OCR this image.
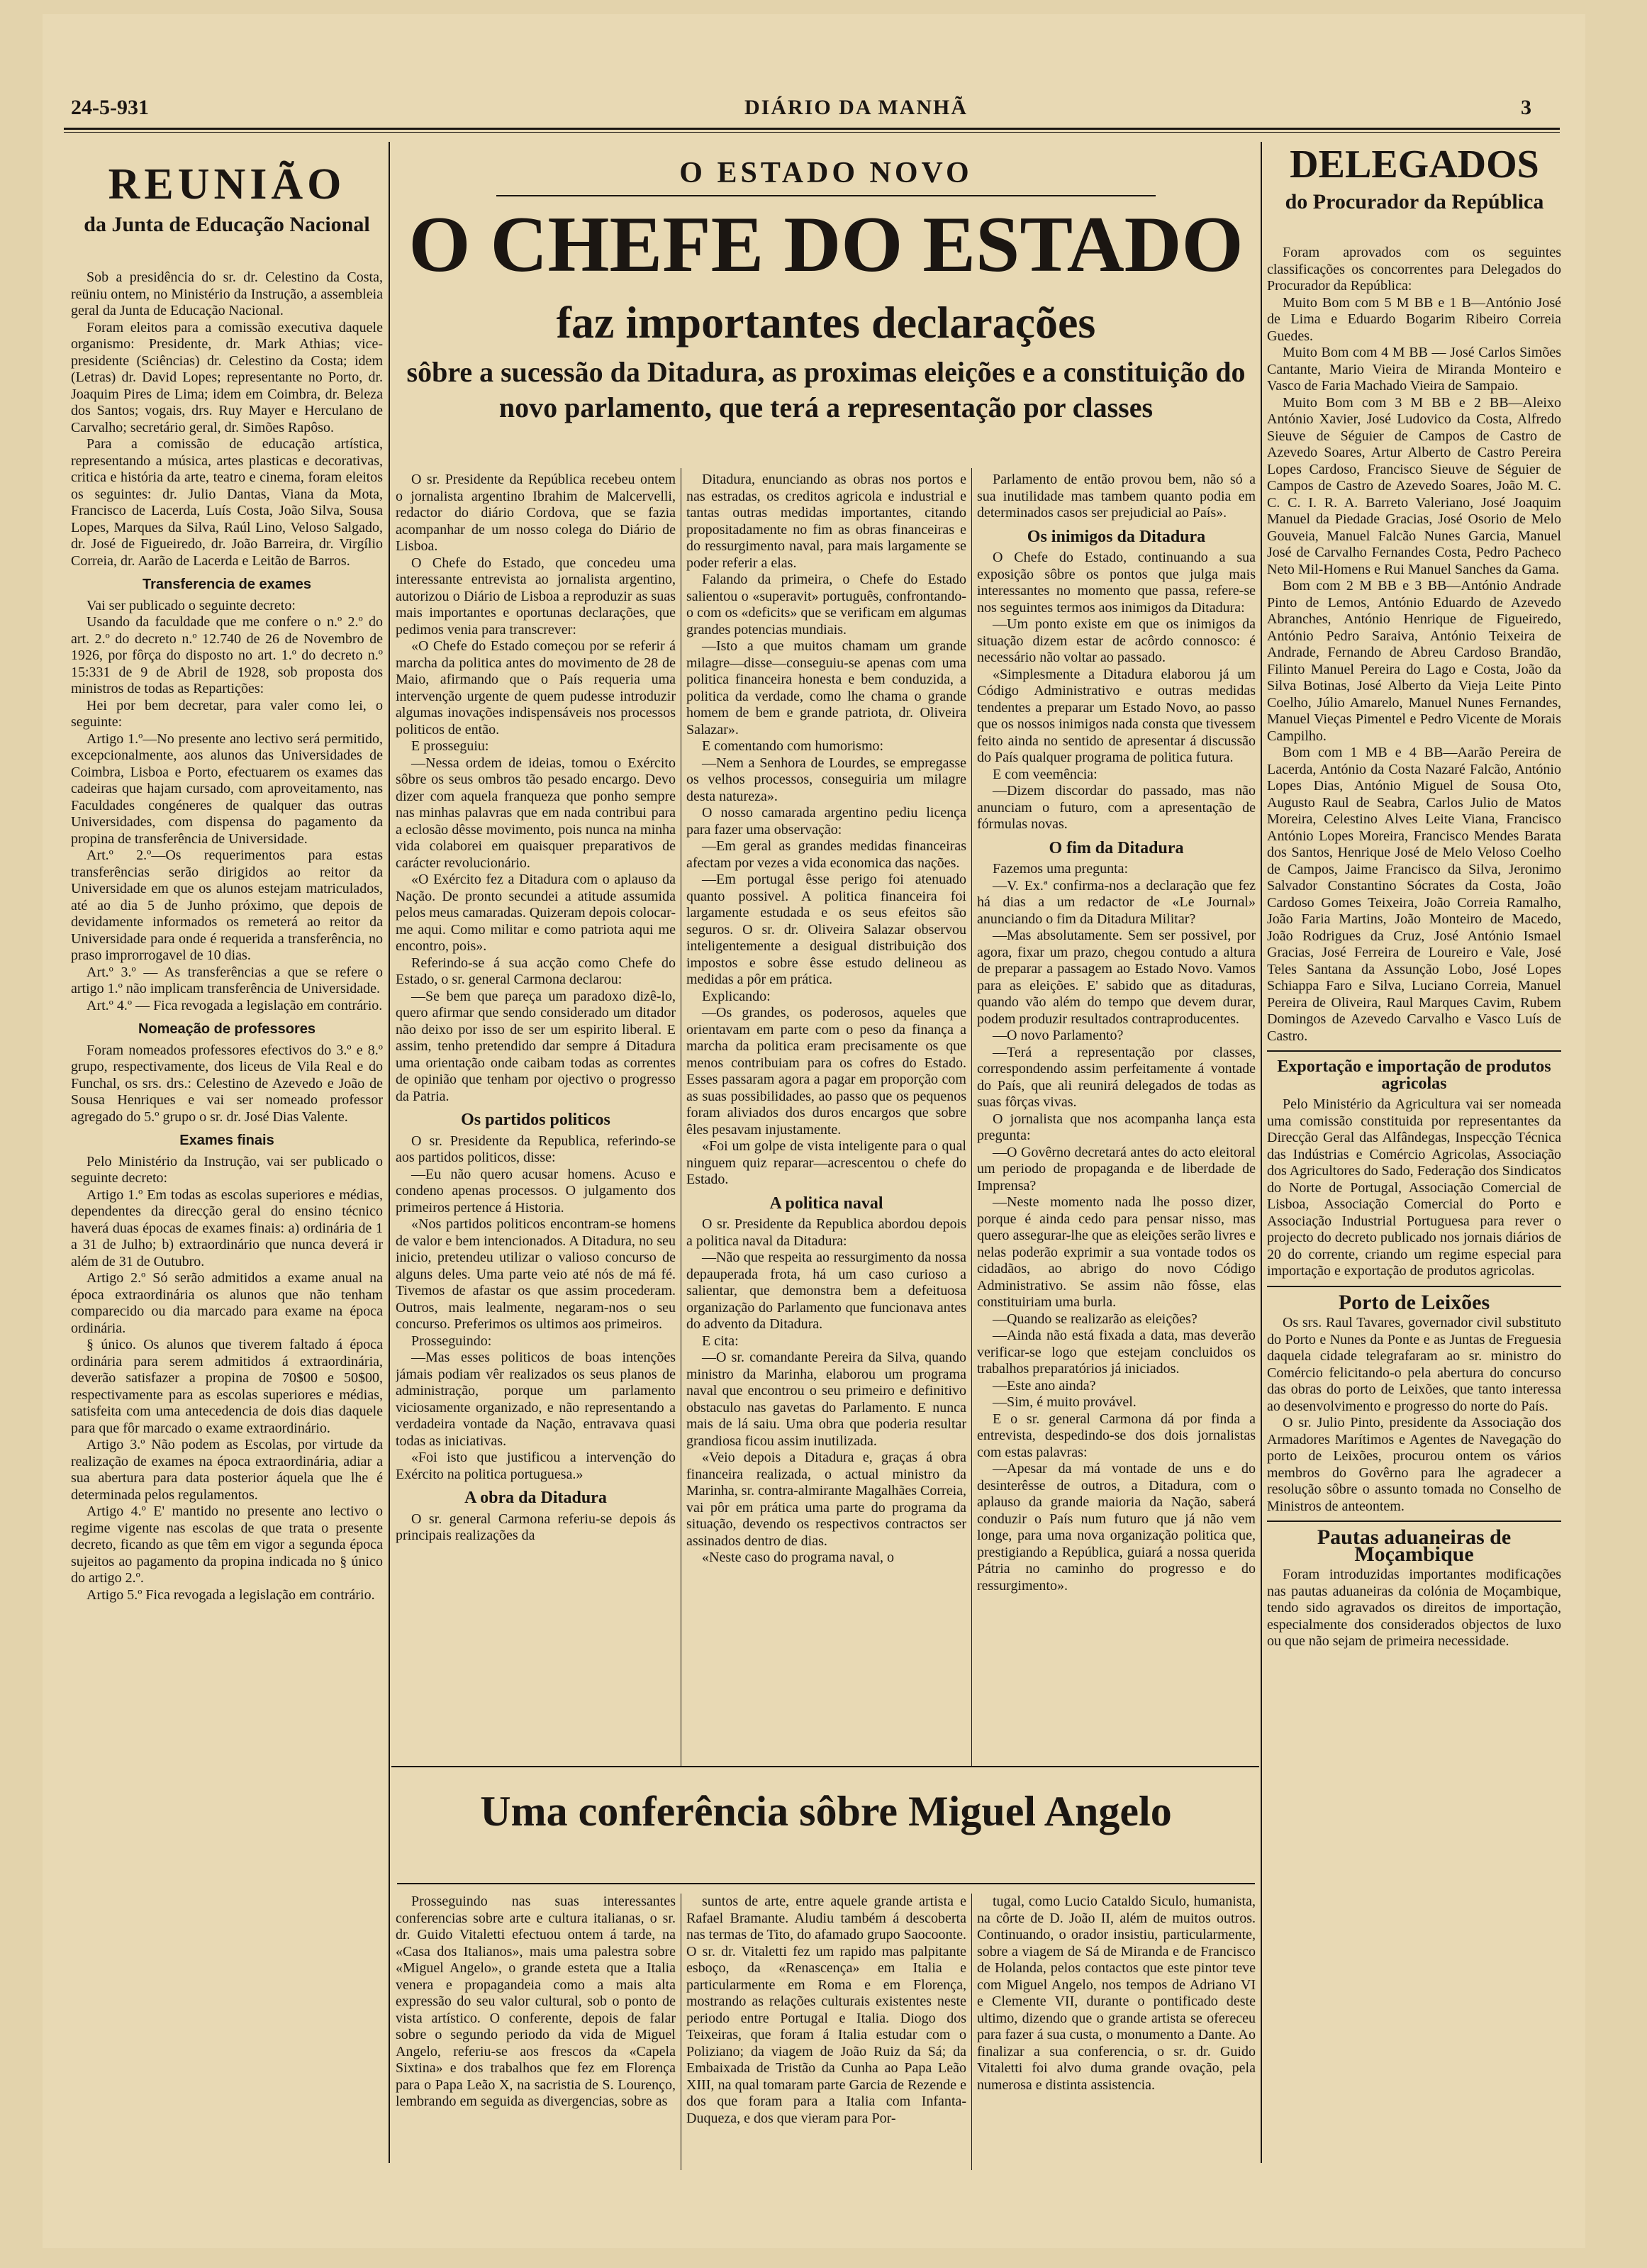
24-5-931	DIÁRIO DA MANHÃ	3
REUNIÃO
da Junta de Educação Nacional

Sob a presidência do sr. dr. Celestino da Costa, reüniu ontem, no Ministério da Instrução, a assembleia geral da Junta de Educação Nacional.

Foram eleitos para a comissão executiva daquele organismo: Presidente, dr. Mark Athias; vice-presidente (Sciências) dr. Celestino da Costa; idem (Letras) dr. David Lopes; representante no Porto, dr. Joaquim Pires de Lima; idem em Coimbra, dr. Beleza dos Santos; vogais, drs. Ruy Mayer e Herculano de Carvalho; secretário geral, dr. Simões Rapôso.

Para a comissão de educação artística, representando a música, artes plasticas e decorativas, critica e história da arte, teatro e cinema, foram eleitos os seguintes: dr. Julio Dantas, Viana da Mota, Francisco de Lacerda, Luís Costa, João Silva, Sousa Lopes, Marques da Silva, Raúl Lino, Veloso Salgado, dr. José de Figueiredo, dr. João Barreira, dr. Virgílio Correia, dr. Aarão de Lacerda e Leitão de Barros.

Transferencia de exames

Vai ser publicado o seguinte decreto:

Usando da faculdade que me confere o n.º 2.º do art. 2.º do decreto n.º 12.740 de 26 de Novembro de 1926, por fôrça do disposto no art. 1.º do decreto n.º 15:331 de 9 de Abril de 1928, sob proposta dos ministros de todas as Repartições:

Hei por bem decretar, para valer como lei, o seguinte:

Artigo 1.º—No presente ano lectivo será permitido, excepcionalmente, aos alunos das Universidades de Coimbra, Lisboa e Porto, efectuarem os exames das cadeiras que hajam cursado, com aproveitamento, nas Faculdades congéneres de qualquer das outras Universidades, com dispensa do pagamento da propina de transferência de Universidade.

Art.º 2.º—Os requerimentos para estas transferências serão dirigidos ao reitor da Universidade em que os alunos estejam matriculados, até ao dia 5 de Junho próximo, que depois de devidamente informados os remeterá ao reitor da Universidade para onde é requerida a transferência, no praso improrrogavel de 10 dias.

Art.º 3.º — As transferências a que se refere o artigo 1.º não implicam transferência de Universidade.

Art.º 4.º — Fica revogada a legislação em contrário.

Nomeação de professores

Foram nomeados professores efectivos do 3.º e 8.º grupo, respectivamente, dos liceus de Vila Real e do Funchal, os srs. drs.: Celestino de Azevedo e João de Sousa Henriques e vai ser nomeado professor agregado do 5.º grupo o sr. dr. José Dias Valente.

Exames finais

Pelo Ministério da Instrução, vai ser publicado o seguinte decreto:

Artigo 1.º Em todas as escolas superiores e médias, dependentes da direcção geral do ensino técnico haverá duas épocas de exames finais: a) ordinária de 1 a 31 de Julho; b) extraordinário que nunca deverá ir além de 31 de Outubro.

Artigo 2.º Só serão admitidos a exame anual na época extraordinária os alunos que não tenham comparecido ou dia marcado para exame na época ordinária.

§ único. Os alunos que tiverem faltado á época ordinária para serem admitidos á extraordinária, deverão satisfazer a propina de 70$00 e 50$00, respectivamente para as escolas superiores e médias, satisfeita com uma antecedencia de dois dias daquele para que fôr marcado o exame extraordinário.

Artigo 3.º Não podem as Escolas, por virtude da realização de exames na época extraordinária, adiar a sua abertura para data posterior áquela que lhe é determinada pelos regulamentos.

Artigo 4.º E' mantido no presente ano lectivo o regime vigente nas escolas de que trata o presente decreto, ficando as que têm em vigor a segunda época sujeitos ao pagamento da propina indicada no § único do artigo 2.º.

Artigo 5.º Fica revogada a legislação em contrário.

O ESTADO NOVO
O CHEFE DO ESTADO
faz importantes declarações
sôbre a sucessão da Ditadura, as proximas eleições e a constituição do novo parlamento, que terá a representação por classes

O sr. Presidente da República recebeu ontem o jornalista argentino Ibrahim de Malcervelli, redactor do diário Cordova, que se fazia acompanhar de um nosso colega do Diário de Lisboa.

O Chefe do Estado, que concedeu uma interessante entrevista ao jornalista argentino, autorizou o Diário de Lisboa a reproduzir as suas mais importantes e oportunas declarações, que pedimos venia para transcrever:

«O Chefe do Estado começou por se referir á marcha da politica antes do movimento de 28 de Maio, afirmando que o País requeria uma intervenção urgente de quem pudesse introduzir algumas inovações indispensáveis nos processos politicos de então.

E prosseguiu:

—Nessa ordem de ideias, tomou o Exército sôbre os seus ombros tão pesado encargo. Devo dizer com aquela franqueza que ponho sempre nas minhas palavras que em nada contribui para a eclosão dêsse movimento, pois nunca na minha vida colaborei em quaisquer preparativos de carácter revolucionário.

«O Exército fez a Ditadura com o aplauso da Nação. De pronto secundei a atitude assumida pelos meus camaradas. Quizeram depois colocar-me aqui. Como militar e como patriota aqui me encontro, pois».

Referindo-se á sua acção como Chefe do Estado, o sr. general Carmona declarou:

—Se bem que pareça um paradoxo dizê-lo, quero afirmar que sendo considerado um ditador não deixo por isso de ser um espirito liberal. E assim, tenho pretendido dar sempre á Ditadura uma orientação onde caibam todas as correntes de opinião que tenham por ojectivo o progresso da Patria.

Os partidos politicos

O sr. Presidente da Republica, referindo-se aos partidos politicos, disse:

—Eu não quero acusar homens. Acuso e condeno apenas processos. O julgamento dos primeiros pertence á Historia.

«Nos partidos politicos encontram-se homens de valor e bem intencionados. A Ditadura, no seu inicio, pretendeu utilizar o valioso concurso de alguns deles. Uma parte veio até nós de má fé. Tivemos de afastar os que assim procederam. Outros, mais lealmente, negaram-nos o seu concurso. Preferimos os ultimos aos primeiros.

Prosseguindo:

—Mas esses politicos de boas intenções jámais podiam vêr realizados os seus planos de administração, porque um parlamento viciosamente organizado, e não representando a verdadeira vontade da Nação, entravava quasi todas as iniciativas.

«Foi isto que justificou a intervenção do Exército na politica portuguesa.»

A obra da Ditadura

O sr. general Carmona referiu-se depois ás principais realizações da

Ditadura, enunciando as obras nos portos e nas estradas, os creditos agricola e industrial e tantas outras medidas importantes, citando propositadamente no fim as obras financeiras e do ressurgimento naval, para mais largamente se poder referir a elas.

Falando da primeira, o Chefe do Estado salientou o «superavit» português, confrontando-o com os «deficits» que se verificam em algumas grandes potencias mundiais.

—Isto a que muitos chamam um grande milagre—disse—conseguiu-se apenas com uma politica financeira honesta e bem conduzida, a politica da verdade, como lhe chama o grande homem de bem e grande patriota, dr. Oliveira Salazar».

E comentando com humorismo:

—Nem a Senhora de Lourdes, se empregasse os velhos processos, conseguiria um milagre desta natureza».

O nosso camarada argentino pediu licença para fazer uma observação:

—Em geral as grandes medidas financeiras afectam por vezes a vida economica das nações.

—Em portugal êsse perigo foi atenuado quanto possivel. A politica financeira foi largamente estudada e os seus efeitos são seguros. O sr. dr. Oliveira Salazar observou inteligentemente a desigual distribuição dos impostos e sobre êsse estudo delineou as medidas a pôr em prática.

Explicando:

—Os grandes, os poderosos, aqueles que orientavam em parte com o peso da finança a marcha da politica eram precisamente os que menos contribuiam para os cofres do Estado. Esses passaram agora a pagar em proporção com as suas possibilidades, ao passo que os pequenos foram aliviados dos duros encargos que sobre êles pesavam injustamente.

«Foi um golpe de vista inteligente para o qual ninguem quiz reparar—acrescentou o chefe do Estado.

A politica naval

O sr. Presidente da Republica abordou depois a politica naval da Ditadura:

—Não que respeita ao ressurgimento da nossa depauperada frota, há um caso curioso a salientar, que demonstra bem a defeituosa organização do Parlamento que funcionava antes do advento da Ditadura.

E cita:

—O sr. comandante Pereira da Silva, quando ministro da Marinha, elaborou um programa naval que encontrou o seu primeiro e definitivo obstaculo nas gavetas do Parlamento. E nunca mais de lá saiu. Uma obra que poderia resultar grandiosa ficou assim inutilizada.

«Veio depois a Ditadura e, graças á obra financeira realizada, o actual ministro da Marinha, sr. contra-almirante Magalhães Correia, vai pôr em prática uma parte do programa da situação, devendo os respectivos contractos ser assinados dentro de dias.

«Neste caso do programa naval, o

Parlamento de então provou bem, não só a sua inutilidade mas tambem quanto podia em determinados casos ser prejudicial ao País».

Os inimigos da Ditadura

O Chefe do Estado, continuando a sua exposição sôbre os pontos que julga mais interessantes no momento que passa, refere-se nos seguintes termos aos inimigos da Ditadura:

—Um ponto existe em que os inimigos da situação dizem estar de acôrdo connosco: é necessário não voltar ao passado.

«Simplesmente a Ditadura elaborou já um Código Administrativo e outras medidas tendentes a preparar um Estado Novo, ao passo que os nossos inimigos nada consta que tivessem feito ainda no sentido de apresentar á discussão do País qualquer programa de politica futura.

E com veemência:

—Dizem discordar do passado, mas não anunciam o futuro, com a apresentação de fórmulas novas.

O fim da Ditadura

Fazemos uma pregunta:

—V. Ex.ª confirma-nos a declaração que fez há dias a um redactor de «Le Journal» anunciando o fim da Ditadura Militar?

—Mas absolutamente. Sem ser possivel, por agora, fixar um prazo, chegou contudo a altura de preparar a passagem ao Estado Novo. Vamos para as eleições. E' sabido que as ditaduras, quando vão além do tempo que devem durar, podem produzir resultados contraproducentes.

—O novo Parlamento?

—Terá a representação por classes, correspondendo assim perfeitamente á vontade do País, que ali reunirá delegados de todas as suas fôrças vivas.

O jornalista que nos acompanha lança esta pregunta:

—O Govêrno decretará antes do acto eleitoral um periodo de propaganda e de liberdade de Imprensa?

—Neste momento nada lhe posso dizer, porque é ainda cedo para pensar nisso, mas quero assegurar-lhe que as eleições serão livres e nelas poderão exprimir a sua vontade todos os cidadãos, ao abrigo do novo Código Administrativo. Se assim não fôsse, elas constituiriam uma burla.

—Quando se realizarão as eleições?

—Ainda não está fixada a data, mas deverão verificar-se logo que estejam concluidos os trabalhos preparatórios já iniciados.

—Este ano ainda?

—Sim, é muito provável.

E o sr. general Carmona dá por finda a entrevista, despedindo-se dos dois jornalistas com estas palavras:

—Apesar da má vontade de uns e do desinterêsse de outros, a Ditadura, com o aplauso da grande maioria da Nação, saberá conduzir o País num futuro que já não vem longe, para uma nova organização politica que, prestigiando a República, guiará a nossa querida Pátria no caminho do progresso e do ressurgimento».

Uma conferência sôbre Miguel Angelo

Prosseguindo nas suas interessantes conferencias sobre arte e cultura italianas, o sr. dr. Guido Vitaletti efectuou ontem á tarde, na «Casa dos Italianos», mais uma palestra sobre «Miguel Angelo», o grande esteta que a Italia venera e propagandeia como a mais alta expressão do seu valor cultural, sob o ponto de vista artístico. O conferente, depois de falar sobre o segundo periodo da vida de Miguel Angelo, referiu-se aos frescos da «Capela Sixtina» e dos trabalhos que fez em Florença para o Papa Leão X, na sacristia de S. Lourenço, lembrando em seguida as divergencias, sobre as

suntos de arte, entre aquele grande artista e Rafael Bramante. Aludiu também á descoberta nas termas de Tito, do afamado grupo Saocoonte. O sr. dr. Vitaletti fez um rapido mas palpitante esboço, da «Renascença» em Italia e particularmente em Roma e em Florença, mostrando as relações culturais existentes neste periodo entre Portugal e Italia. Diogo dos Teixeiras, que foram á Italia estudar com o Poliziano; da viagem de João Ruiz da Sá; da Embaixada de Tristão da Cunha ao Papa Leão XIII, na qual tomaram parte Garcia de Rezende e dos que foram para a Italia com Infanta-Duqueza, e dos que vieram para Por-

tugal, como Lucio Cataldo Siculo, humanista, na côrte de D. João II, além de muitos outros. Continuando, o orador insistiu, particularmente, sobre a viagem de Sá de Miranda e de Francisco de Holanda, pelos contactos que este pintor teve com Miguel Angelo, nos tempos de Adriano VI e Clemente VII, durante o pontificado deste ultimo, dizendo que o grande artista se ofereceu para fazer á sua custa, o monumento a Dante. Ao finalizar a sua conferencia, o sr. dr. Guido Vitaletti foi alvo duma grande ovação, pela numerosa e distinta assistencia.

DELEGADOS
do Procurador da República

Foram aprovados com os seguintes classificações os concorrentes para Delegados do Procurador da República:

Muito Bom com 5 M BB e 1 B—António José de Lima e Eduardo Bogarim Ribeiro Correia Guedes.

Muito Bom com 4 M BB — José Carlos Simões Cantante, Mario Vieira de Miranda Monteiro e Vasco de Faria Machado Vieira de Sampaio.

Muito Bom com 3 M BB e 2 BB—Aleixo António Xavier, José Ludovico da Costa, Alfredo Sieuve de Séguier de Campos de Castro de Azevedo Soares, Artur Alberto de Castro Pereira Lopes Cardoso, Francisco Sieuve de Séguier de Campos de Castro de Azevedo Soares, João M. C. C. C. I. R. A. Barreto Valeriano, José Joaquim Manuel da Piedade Gracias, José Osorio de Melo Gouveia, Manuel Falcão Nunes Garcia, Manuel José de Carvalho Fernandes Costa, Pedro Pacheco Neto Mil-Homens e Rui Manuel Sanches da Gama.

Bom com 2 M BB e 3 BB—António Andrade Pinto de Lemos, António Eduardo de Azevedo Abranches, António Henrique de Figueiredo, António Pedro Saraiva, António Teixeira de Andrade, Fernando de Abreu Cardoso Brandão, Filinto Manuel Pereira do Lago e Costa, João da Silva Botinas, José Alberto da Vieja Leite Pinto Coelho, Júlio Amarelo, Manuel Nunes Fernandes, Manuel Vieças Pimentel e Pedro Vicente de Morais Campilho.

Bom com 1 MB e 4 BB—Aarão Pereira de Lacerda, António da Costa Nazaré Falcão, António Lopes Dias, António Miguel de Sousa Oto, Augusto Raul de Seabra, Carlos Julio de Matos Moreira, Celestino Alves Leite Viana, Francisco António Lopes Moreira, Francisco Mendes Barata dos Santos, Henrique José de Melo Veloso Coelho de Campos, Jaime Francisco da Silva, Jeronimo Salvador Constantino Sócrates da Costa, João Cardoso Gomes Teixeira, João Correia Ramalho, João Faria Martins, João Monteiro de Macedo, João Rodrigues da Cruz, José António Ismael Gracias, José Ferreira de Loureiro e Vale, José Teles Santana da Assunção Lobo, José Lopes Schiappa Faro e Silva, Luciano Correia, Manuel Pereira de Oliveira, Raul Marques Cavim, Rubem Domingos de Azevedo Carvalho e Vasco Luís de Castro.

Exportação e importação de produtos agricolas

Pelo Ministério da Agricultura vai ser nomeada uma comissão constituida por representantes da Direcção Geral das Alfândegas, Inspecção Técnica das Indústrias e Comércio Agricolas, Associação dos Agricultores do Sado, Federação dos Sindicatos do Norte de Portugal, Associação Comercial de Lisboa, Associação Comercial do Porto e Associação Industrial Portuguesa para rever o projecto do decreto publicado nos jornais diários de 20 do corrente, criando um regime especial para importação e exportação de produtos agricolas.

Porto de Leixões

Os srs. Raul Tavares, governador civil substituto do Porto e Nunes da Ponte e as Juntas de Freguesia daquela cidade telegrafaram ao sr. ministro do Comércio felicitando-o pela abertura do concurso das obras do porto de Leixões, que tanto interessa ao desenvolvimento e progresso do norte do País.

O sr. Julio Pinto, presidente da Associação dos Armadores Marítimos e Agentes de Navegação do porto de Leixões, procurou ontem os vários membros do Govêrno para lhe agradecer a resolução sôbre o assunto tomada no Conselho de Ministros de anteontem.

Pautas aduaneiras de Moçambique

Foram introduzidas importantes modificações nas pautas aduaneiras da colónia de Moçambique, tendo sido agravados os direitos de importação, especialmente dos considerados objectos de luxo ou que não sejam de primeira necessidade.
